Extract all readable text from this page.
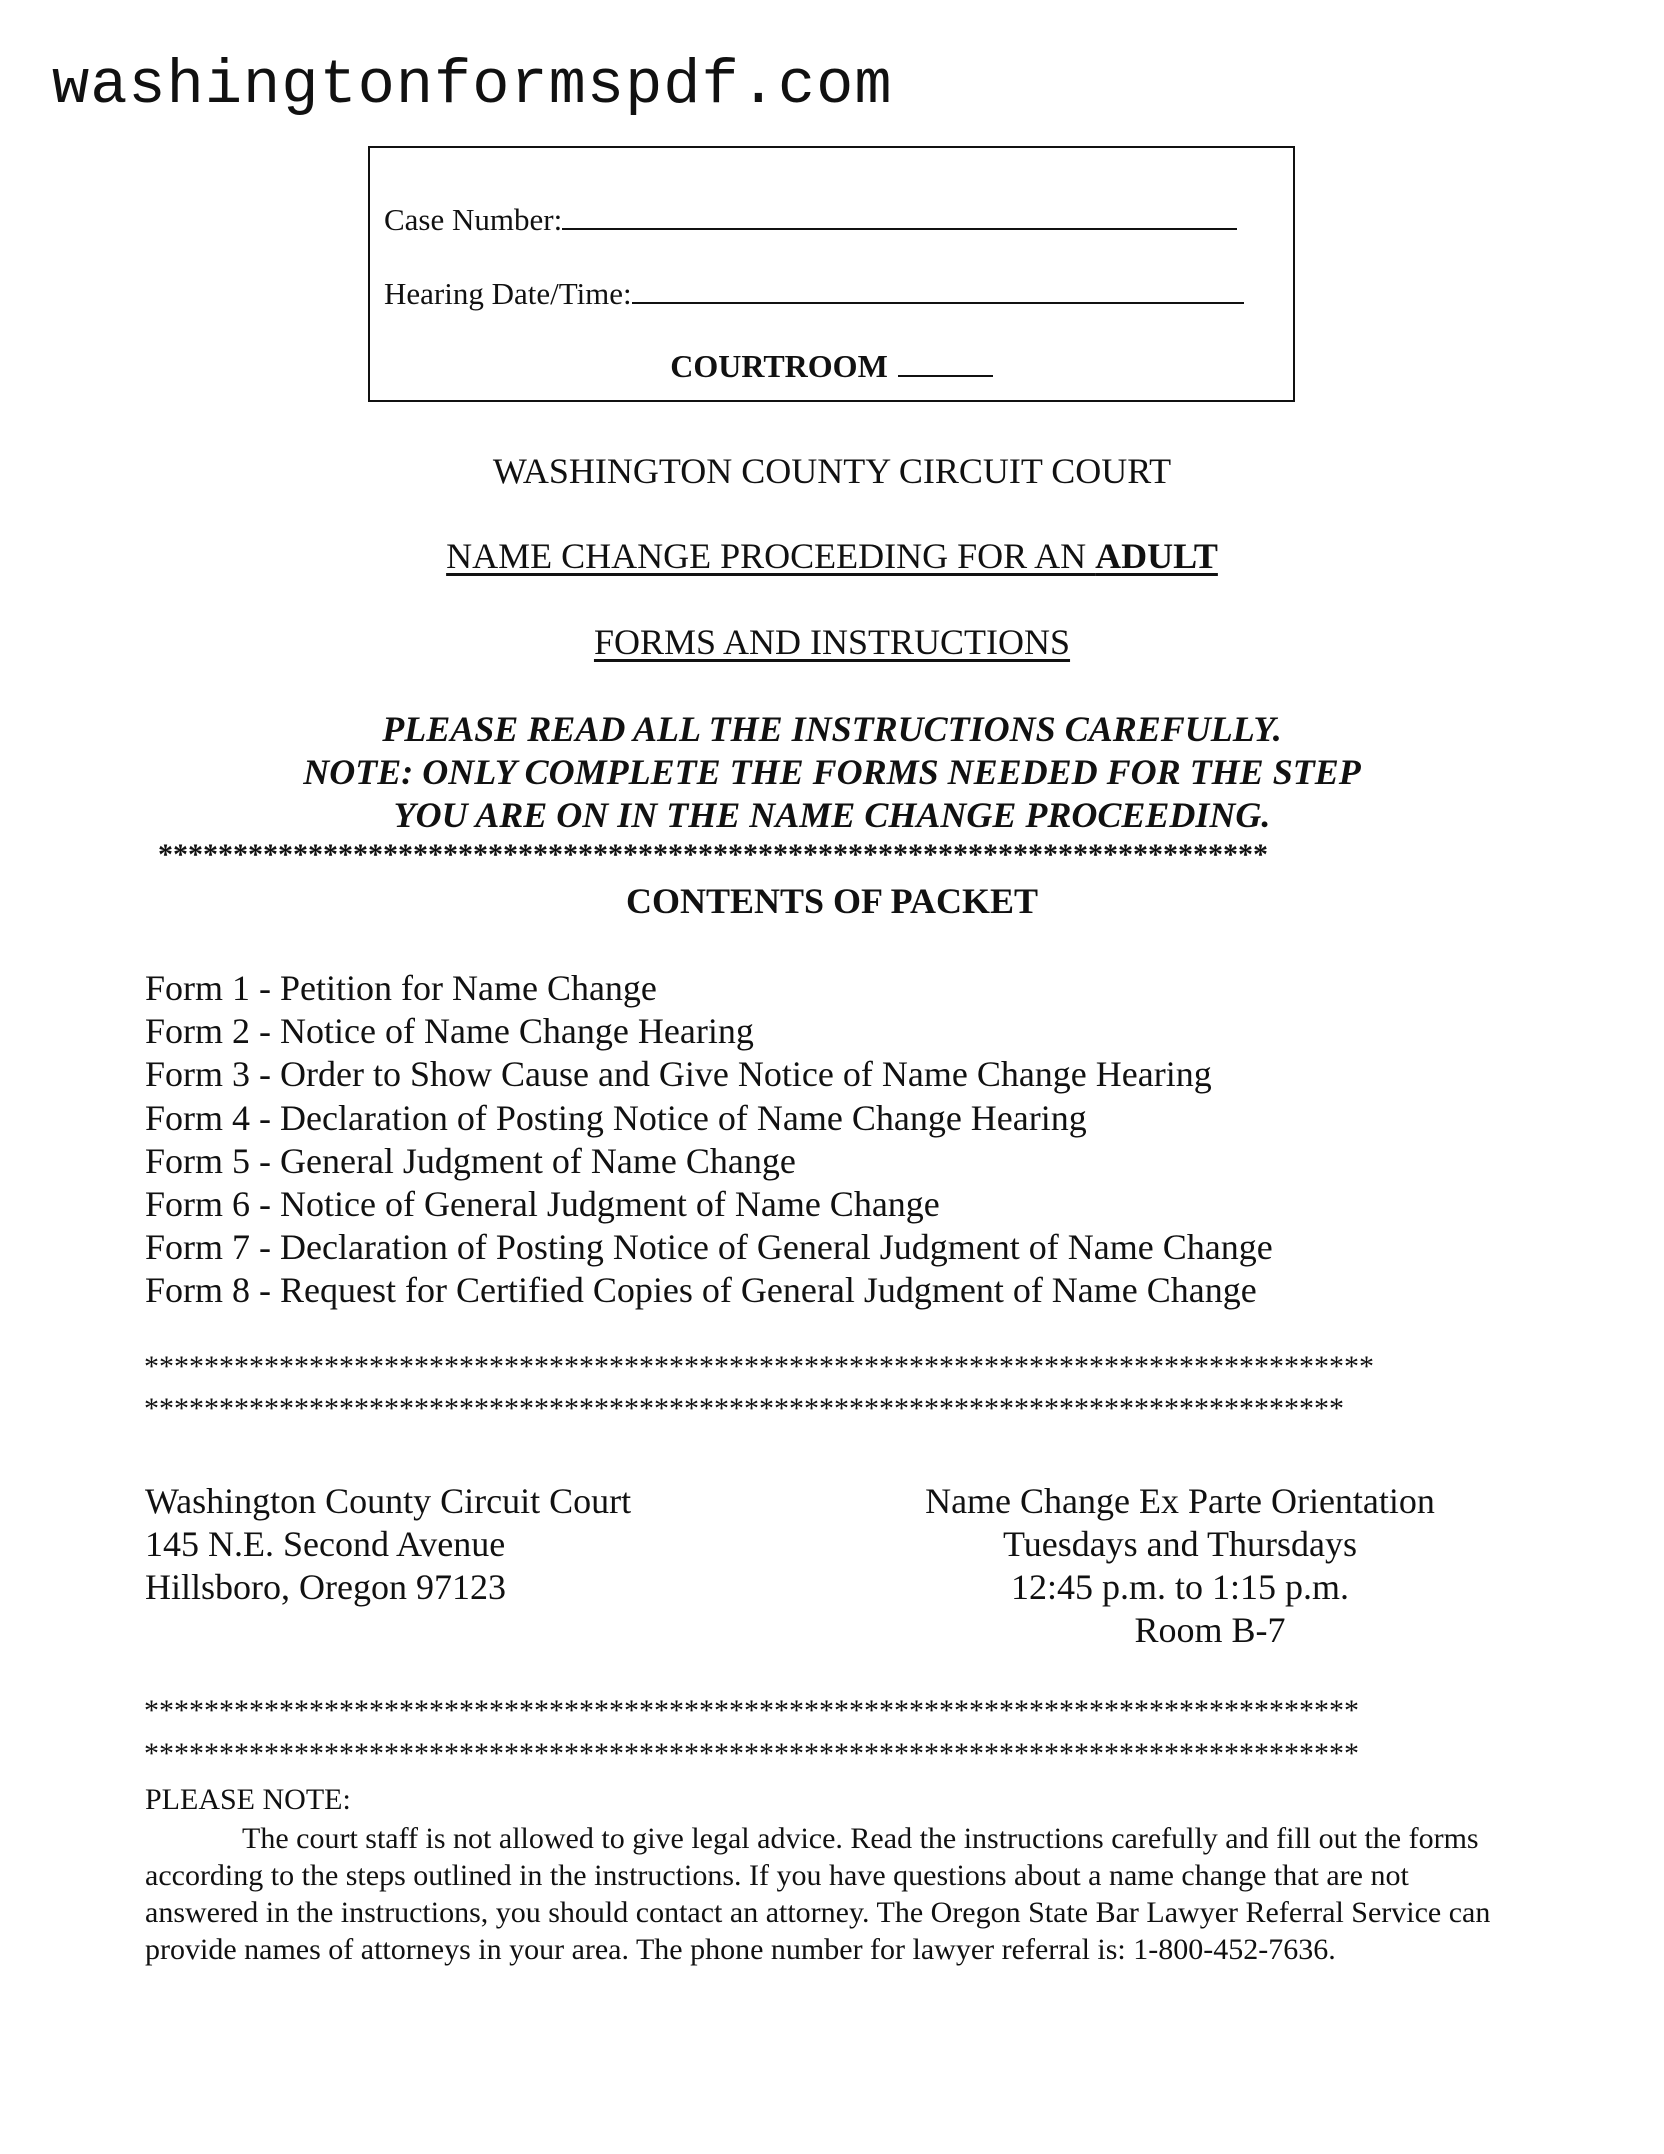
washingtonformspdf.com
Case Number:
Hearing Date/Time:
COURTROOM
WASHINGTON COUNTY CIRCUIT COURT
NAME CHANGE PROCEEDING FOR AN ADULT
FORMS AND INSTRUCTIONS
PLEASE READ ALL THE INSTRUCTIONS CAREFULLY.
NOTE: ONLY COMPLETE THE FORMS NEEDED FOR THE STEP
YOU ARE ON IN THE NAME CHANGE PROCEEDING.
**************************************************************************
CONTENTS OF PACKET
Form 1 - Petition for Name Change
Form 2 - Notice of Name Change Hearing
Form 3 - Order to Show Cause and Give Notice of Name Change Hearing
Form 4 - Declaration of Posting Notice of Name Change Hearing
Form 5 - General Judgment of Name Change
Form 6 - Notice of General Judgment of Name Change
Form 7 - Declaration of Posting Notice of General Judgment of Name Change
Form 8 - Request for Certified Copies of General Judgment of Name Change
**********************************************************************************
********************************************************************************
Washington County Circuit Court
145 N.E. Second Avenue
Hillsboro, Oregon 97123
Name Change Ex Parte Orientation
Tuesdays and Thursdays
12:45 p.m. to 1:15 p.m.
Room B-7
*********************************************************************************
*********************************************************************************
PLEASE NOTE:

The court staff is not allowed to give legal advice. Read the instructions carefully and fill out the forms according to the steps outlined in the instructions. If you have questions about a name change that are not answered in the instructions, you should contact an attorney. The Oregon State Bar Lawyer Referral Service can provide names of attorneys in your area. The phone number for lawyer referral is: 1-800-452-7636.
